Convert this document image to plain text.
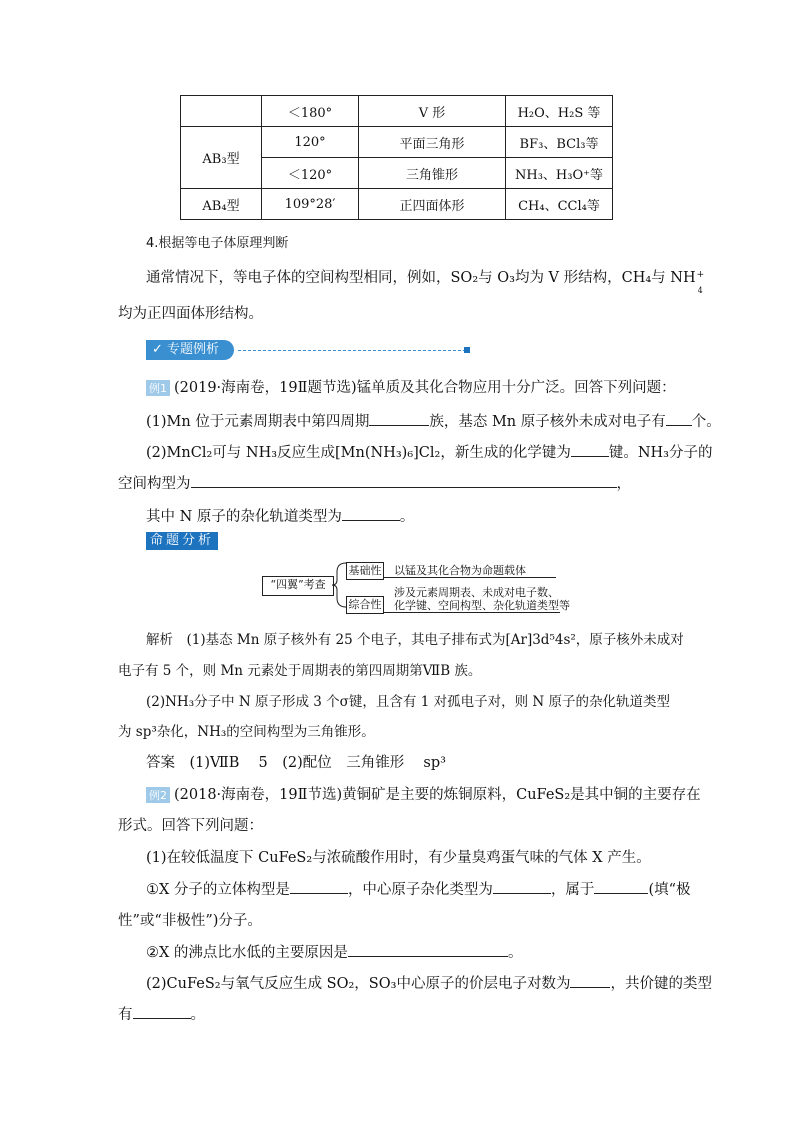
	＜180°	V 形	H₂O、H₂S 等
AB₃型	120°	平面三角形	BF₃、BCl₃等
	＜120°	三角锥形	NH₃、H₃O⁺等
AB₄型	109°28′	正四面体形	CH₄、CCl₄等
4.根据等电子体原理判断
通常情况下，等电子体的空间构型相同，例如，SO₂与 O₃均为 V 形结构，CH₄与 NH +
4
均为正四面体形结构。
✓ 专题例析
例1 (2019·海南卷，19Ⅱ题节选)锰单质及其化合物应用十分广泛。回答下列问题：
(1)Mn 位于元素周期表中第四周期	族，基态 Mn 原子核外未成对电子有 个。
(2)MnCl₂可与 NH₃反应生成[Mn(NH₃)₆]Cl₂，新生成的化学键为	键。NH₃分子的
空间构型为	，
其中 N 原子的杂化轨道类型为	。
命题分析
“四翼”考查
基础性 以锰及其化合物为命题载体
综合性
涉及元素周期表、未成对电子数、
化学键、空间构型、杂化轨道类型等
解析　(1)基态 Mn 原子核外有 25 个电子，其电子排布式为[Ar]3d⁵4s²，原子核外未成对
电子有 5 个，则 Mn 元素处于周期表的第四周期第ⅦB 族。
(2)NH₃分子中 N 原子形成 3 个σ键，且含有 1 对孤电子对，则 N 原子的杂化轨道类型
为 sp³杂化，NH₃的空间构型为三角锥形。
答案　(1)ⅦB　 5　(2)配位　三角锥形　 sp³
例2 (2018·海南卷，19Ⅱ节选)黄铜矿是主要的炼铜原料，CuFeS₂是其中铜的主要存在
形式。回答下列问题：
(1)在较低温度下 CuFeS₂与浓硫酸作用时，有少量臭鸡蛋气味的气体 X 产生。
①X 分子的立体构型是	，中心原子杂化类型为	，属于	(填“极
性”或“非极性”)分子。
②X 的沸点比水低的主要原因是	。
(2)CuFeS₂与氧气反应生成 SO₂，SO₃中心原子的价层电子对数为	，共价键的类型
有	。
